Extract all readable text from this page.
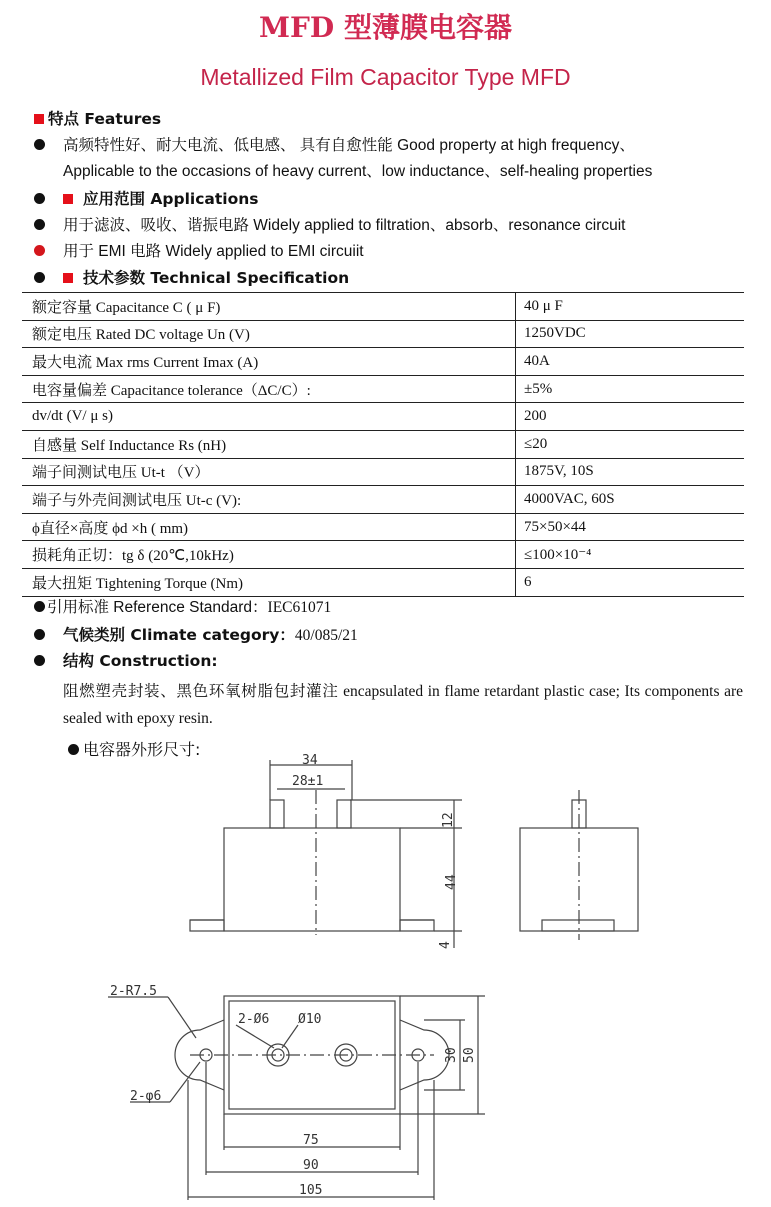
MFD 型薄膜电容器
Metallized Film Capacitor Type MFD
特点 Features
高频特性好、耐大电流、低电感、 具有自愈性能 Good property at high frequency、
Applicable to the occasions of heavy current、low inductance、self-healing properties
应用范围 Applications
用于滤波、吸收、谐振电路 Widely applied to filtration、absorb、resonance circuit
用于 EMI 电路 Widely applied to EMI circuiit
技术参数 Technical Specification
额定容量 Capacitance C ( μ F)	40 μ F
额定电压 Rated DC voltage Un (V)	1250VDC
最大电流 Max rms Current Imax (A)	40A
电容量偏差 Capacitance tolerance（ΔC/C）:	±5%
dv/dt (V/ μ s)	200
自感量 Self Inductance Rs (nH)	≤20
端子间测试电压 Ut-t （V）	1875V, 10S
端子与外壳间测试电压 Ut-c (V):	4000VAC, 60S
ϕ直径×高度 ϕd ×h ( mm)	75×50×44
损耗角正切：tg δ (20℃,10kHz)	≤100×10⁻⁴
最大扭矩 Tightening Torque (Nm)	6
引用标准 Reference Standard：IEC61071
气候类别 Climate category：40/085/21
结构 Construction:
阻燃塑壳封装、黑色环氧树脂包封灌注 encapsulated in flame retardant plastic case; Its components are sealed with epoxy resin.
电容器外形尺寸:
34
28±1
12
44
4
2-R7.5
2-Ø6 Ø10
2-φ6
30 50
75
90
105
